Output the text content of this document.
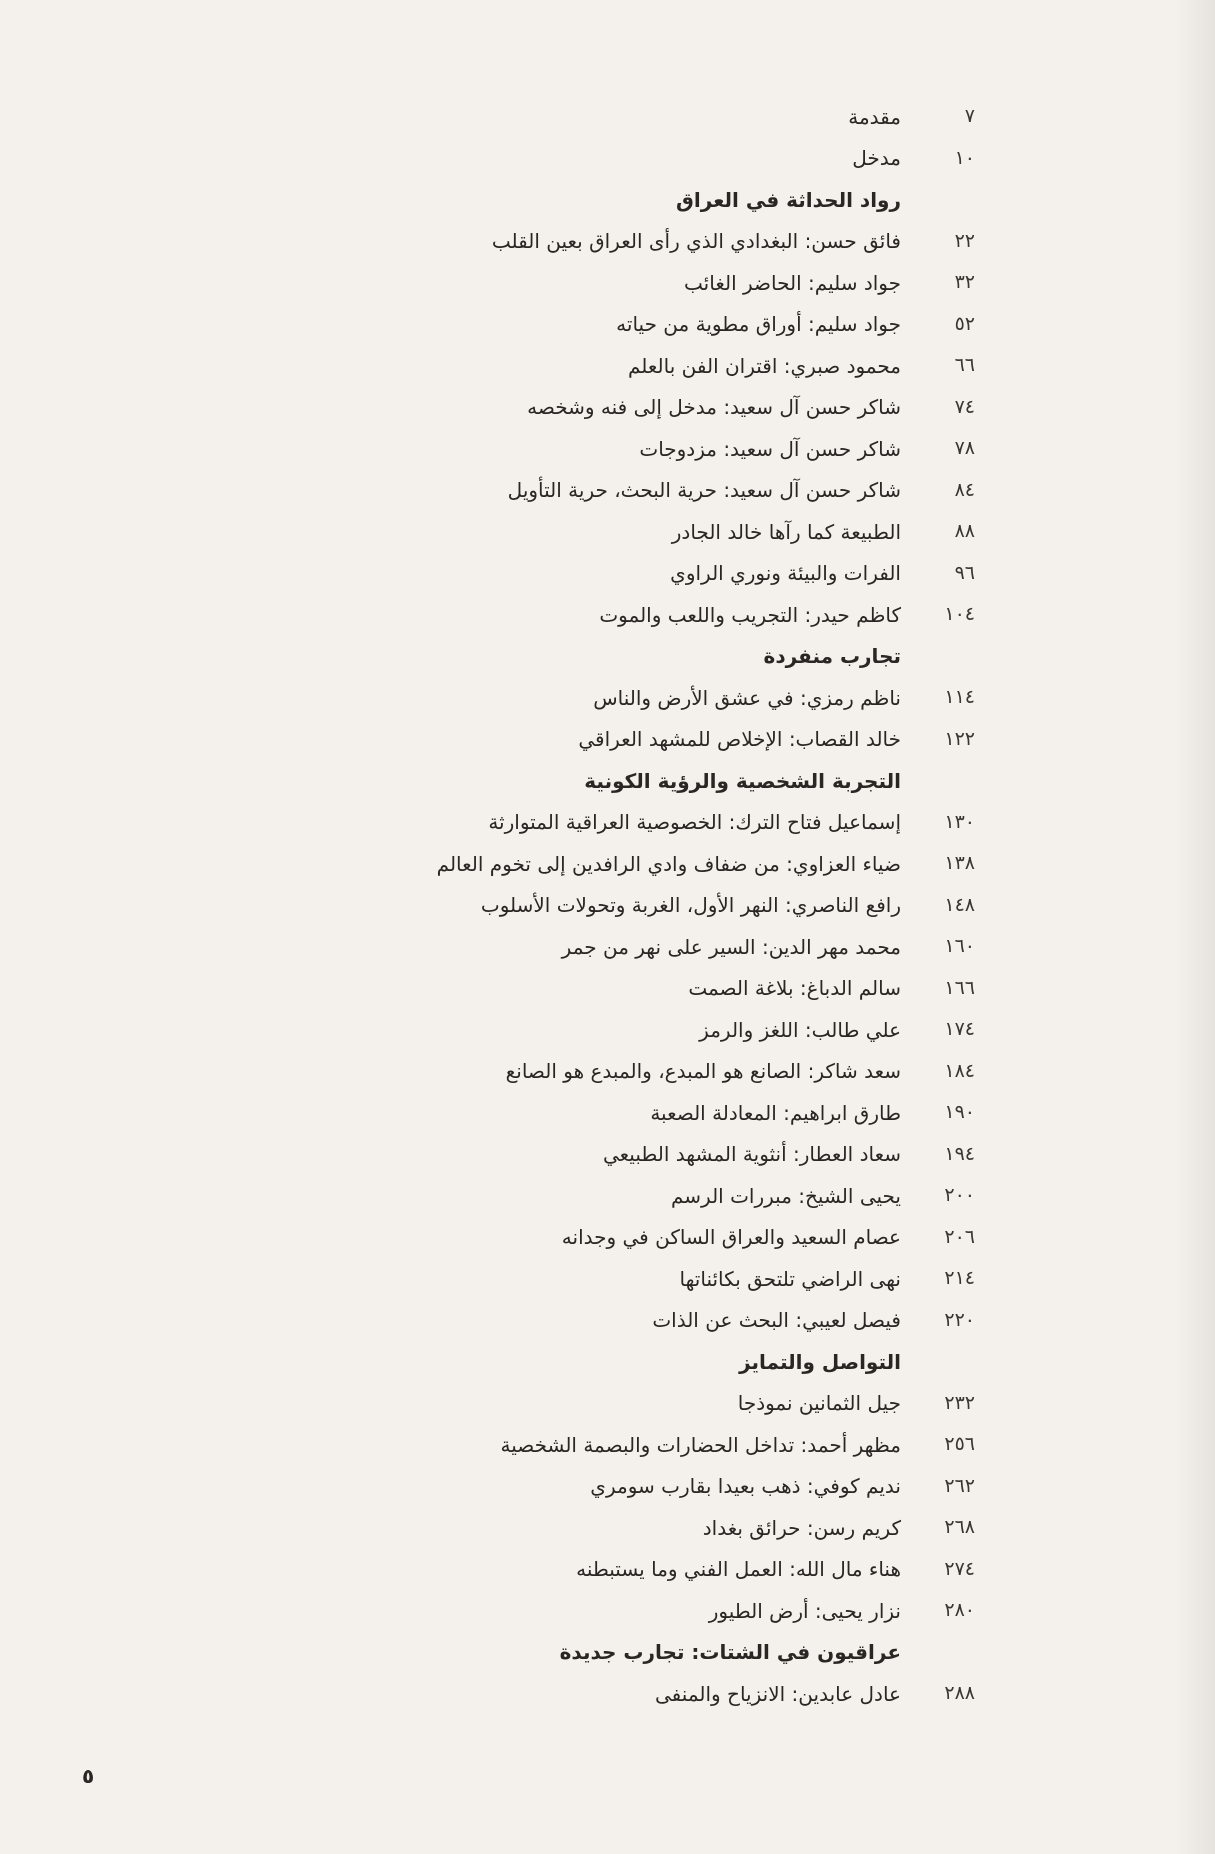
٧
مقدمة
١٠
مدخل
رواد الحداثة في العراق
٢٢
فائق حسن: البغدادي الذي رأى العراق بعين القلب
٣٢
جواد سليم: الحاضر الغائب
٥٢
جواد سليم: أوراق مطوية من حياته
٦٦
محمود صبري: اقتران الفن بالعلم
٧٤
شاكر حسن آل سعيد: مدخل إلى فنه وشخصه
٧٨
شاكر حسن آل سعيد: مزدوجات
٨٤
شاكر حسن آل سعيد: حرية البحث، حرية التأويل
٨٨
الطبيعة كما رآها خالد الجادر
٩٦
الفرات والبيئة ونوري الراوي
١٠٤
كاظم حيدر: التجريب واللعب والموت
تجارب منفردة
١١٤
ناظم رمزي: في عشق الأرض والناس
١٢٢
خالد القصاب: الإخلاص للمشهد العراقي
التجربة الشخصية والرؤية الكونية
١٣٠
إسماعيل فتاح الترك: الخصوصية العراقية المتوارثة
١٣٨
ضياء العزاوي: من ضفاف وادي الرافدين إلى تخوم العالم
١٤٨
رافع الناصري: النهر الأول، الغربة وتحولات الأسلوب
١٦٠
محمد مهر الدين: السير على نهر من جمر
١٦٦
سالم الدباغ: بلاغة الصمت
١٧٤
علي طالب: اللغز والرمز
١٨٤
سعد شاكر: الصانع هو المبدع، والمبدع هو الصانع
١٩٠
طارق ابراهيم: المعادلة الصعبة
١٩٤
سعاد العطار: أنثوية المشهد الطبيعي
٢٠٠
يحيى الشيخ: مبررات الرسم
٢٠٦
عصام السعيد والعراق الساكن في وجدانه
٢١٤
نهى الراضي تلتحق بكائناتها
٢٢٠
فيصل لعيبي: البحث عن الذات
التواصل والتمايز
٢٣٢
جيل الثمانين نموذجا
٢٥٦
مظهر أحمد: تداخل الحضارات والبصمة الشخصية
٢٦٢
نديم كوفي: ذهب بعيدا بقارب سومري
٢٦٨
كريم رسن: حرائق بغداد
٢٧٤
هناء مال الله: العمل الفني وما يستبطنه
٢٨٠
نزار يحيى: أرض الطيور
عراقيون في الشتات: تجارب جديدة
٢٨٨
عادل عابدين: الانزياح والمنفى
٥
